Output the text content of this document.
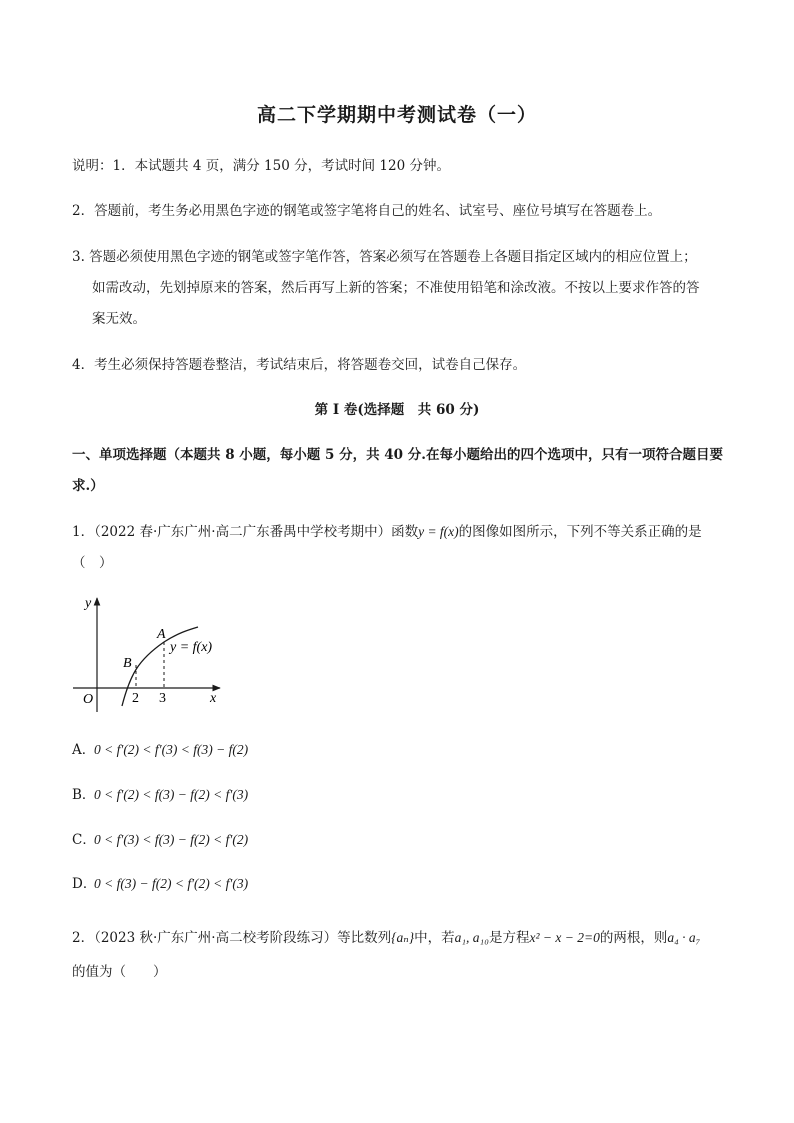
高二下学期期中考测试卷（一）
说明：1．本试题共 4 页，满分 150 分，考试时间 120 分钟。
2．答题前，考生务必用黑色字迹的钢笔或签字笔将自己的姓名、试室号、座位号填写在答题卷上。
3. 答题必须使用黑色字迹的钢笔或签字笔作答，答案必须写在答题卷上各题目指定区域内的相应位置上；
如需改动，先划掉原来的答案，然后再写上新的答案；不准使用铅笔和涂改液。不按以上要求作答的答
案无效。
4．考生必须保持答题卷整洁，考试结束后，将答题卷交回，试卷自己保存。
第 I 卷(选择题　共 60 分)
一、单项选择题（本题共 8 小题，每小题 5 分，共 40 分.在每小题给出的四个选项中，只有一项符合题目要
求.）
1．（2022 春·广东广州·高二广东番禺中学校考期中）函数y = f(x)的图像如图所示，下列不等关系正确的是
（　）
y
x
O
A
B
2 3
y = f(x)
A．0 < f′(2) < f′(3) < f(3) − f(2)
B．0 < f′(2) < f(3) − f(2) < f′(3)
C．0 < f′(3) < f(3) − f(2) < f′(2)
D．0 < f(3) − f(2) < f′(2) < f′(3)
2．（2023 秋·广东广州·高二校考阶段练习）等比数列{aₙ}中，若a₁, a₁₀是方程x² − x − 2=0的两根，则a₄ · a₇
的值为（　　）
